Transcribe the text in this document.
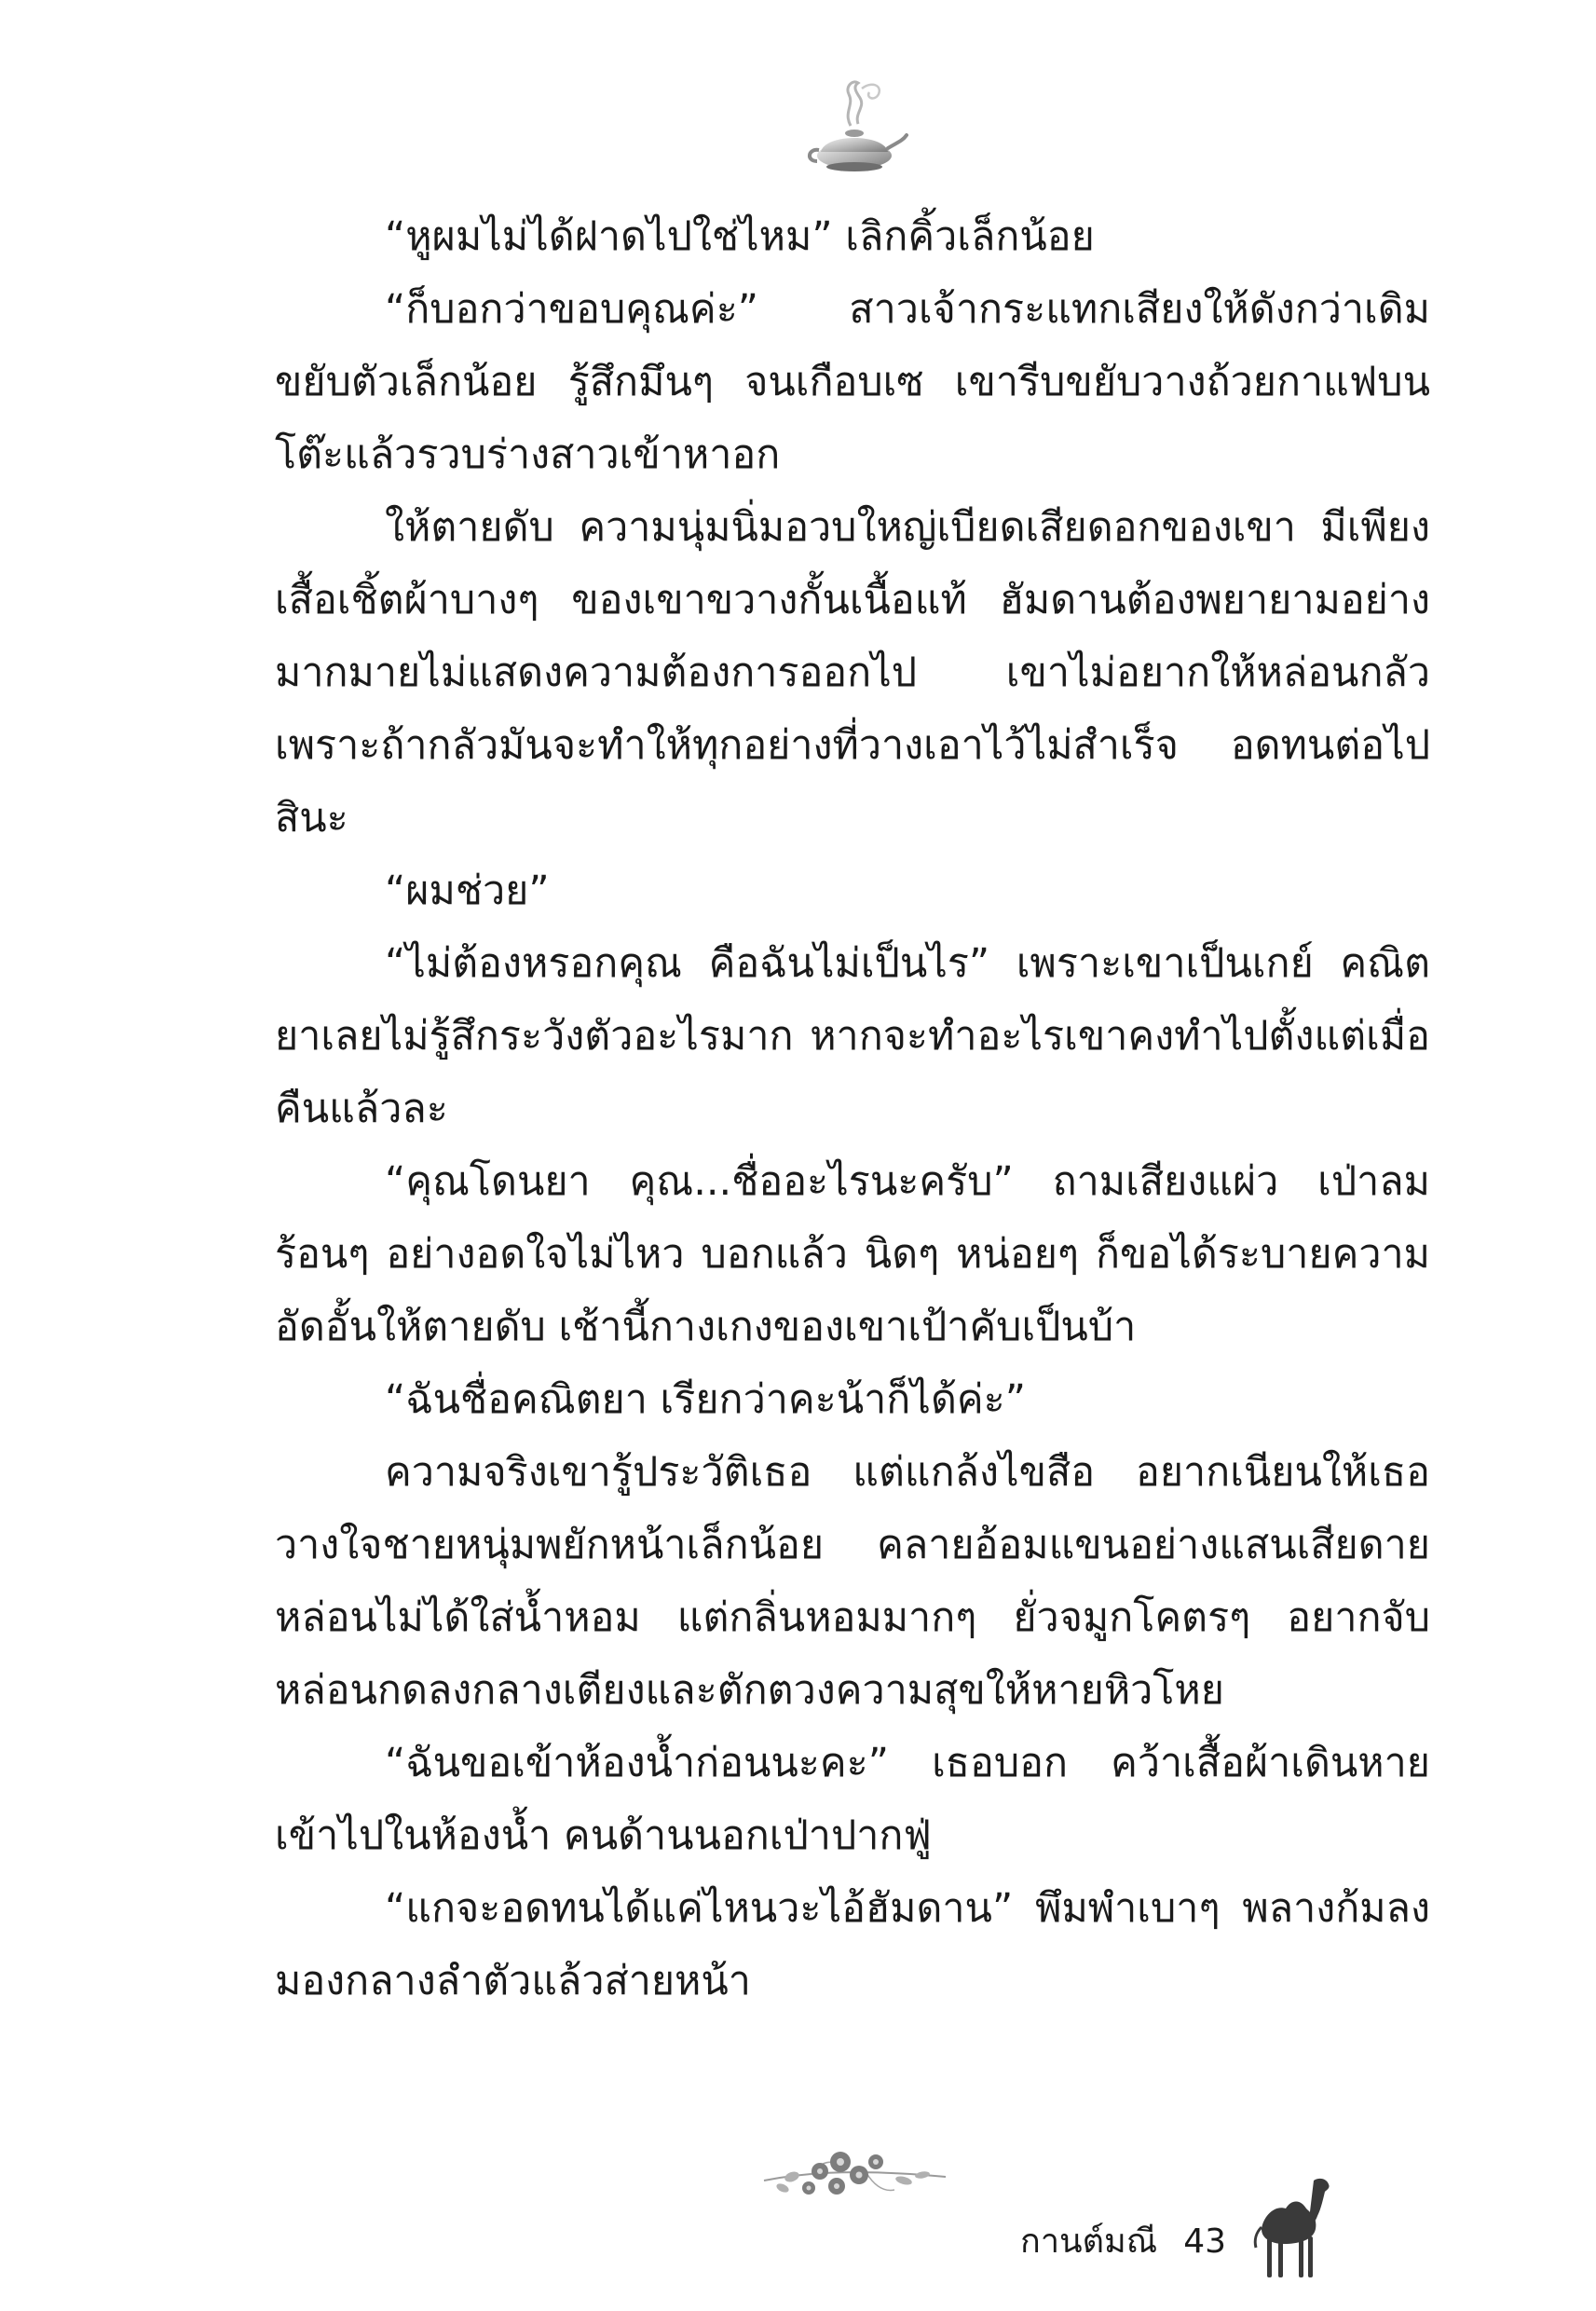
“หูผมไม่ได้ฝาดไปใช่ไหม” เลิกคิ้วเล็กน้อย

“ก็บอกว่าขอบคุณค่ะ” สาวเจ้ากระแทกเสียงให้ดังกว่าเดิม ขยับตัวเล็กน้อย รู้สึกมึนๆ จนเกือบเซ เขารีบขยับวางถ้วยกาแฟบนโต๊ะแล้วรวบร่างสาวเข้าหาอก

ให้ตายดับ ความนุ่มนิ่มอวบใหญ่เบียดเสียดอกของเขา มีเพียงเสื้อเชิ้ตผ้าบางๆ ของเขาขวางกั้นเนื้อแท้ ฮัมดานต้องพยายามอย่างมากมายไม่แสดงความต้องการออกไป เขาไม่อยากให้หล่อนกลัว เพราะถ้ากลัวมันจะทำให้ทุกอย่างที่วางเอาไว้ไม่สำเร็จ อดทนต่อไปสินะ

“ผมช่วย”

“ไม่ต้องหรอกคุณ คือฉันไม่เป็นไร” เพราะเขาเป็นเกย์ คณิตยาเลยไม่รู้สึกระวังตัวอะไรมาก หากจะทำอะไรเขาคงทำไปตั้งแต่เมื่อคืนแล้วละ

“คุณโดนยา คุณ...ชื่ออะไรนะครับ” ถามเสียงแผ่ว เป่าลมร้อนๆ อย่างอดใจไม่ไหว บอกแล้ว นิดๆ หน่อยๆ ก็ขอได้ระบายความอัดอั้นให้ตายดับ เช้านี้กางเกงของเขาเป้าคับเป็นบ้า

“ฉันชื่อคณิตยา เรียกว่าคะน้าก็ได้ค่ะ”

ความจริงเขารู้ประวัติเธอ แต่แกล้งไขสือ อยากเนียนให้เธอวางใจชายหนุ่มพยักหน้าเล็กน้อย คลายอ้อมแขนอย่างแสนเสียดาย หล่อนไม่ได้ใส่น้ำหอม แต่กลิ่นหอมมากๆ ยั่วจมูกโคตรๆ อยากจับหล่อนกดลงกลางเตียงและตักตวงความสุขให้หายหิวโหย

“ฉันขอเข้าห้องน้ำก่อนนะคะ” เธอบอก คว้าเสื้อผ้าเดินหายเข้าไปในห้องน้ำ คนด้านนอกเป่าปากฟู่

“แกจะอดทนได้แค่ไหนวะไอ้ฮัมดาน” พึมพำเบาๆ พลางก้มลงมองกลางลำตัวแล้วส่ายหน้า

กานต์มณี 43
